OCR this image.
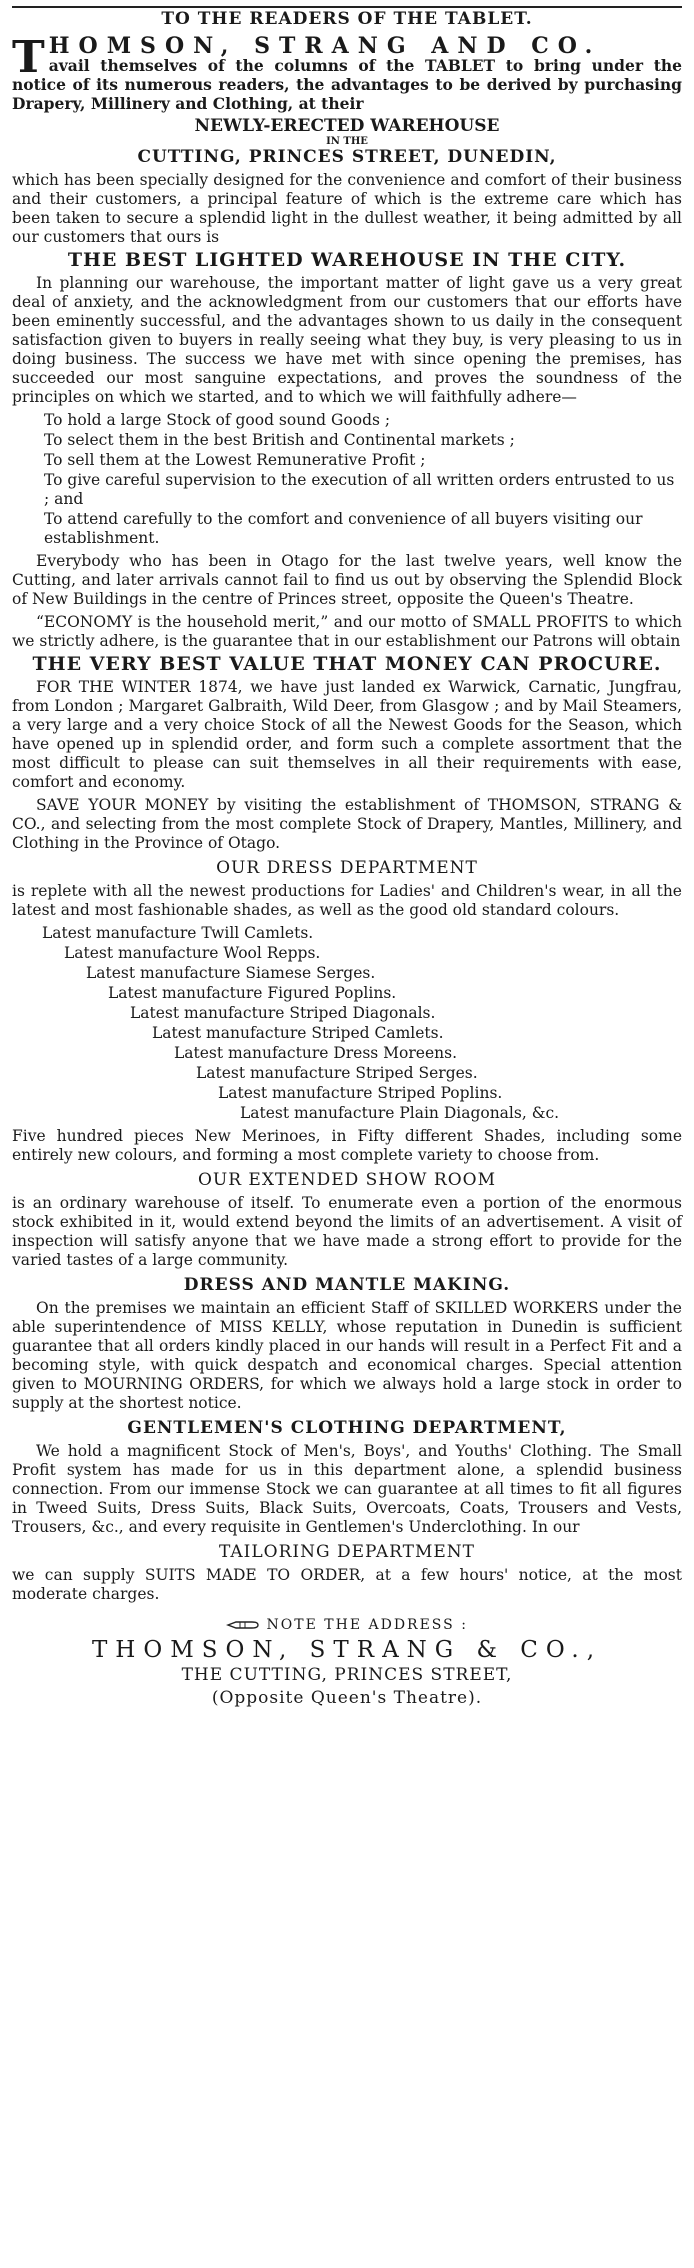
TO THE READERS OF THE TABLET.
T HOMSON, STRANG AND CO.
avail themselves of the columns of the TABLET to bring under the notice of its numerous readers, the advantages to be derived by purchasing Drapery, Millinery and Clothing, at their
NEWLY-ERECTED WAREHOUSE
IN THE
CUTTING, PRINCES STREET, DUNEDIN,

which has been specially designed for the convenience and comfort of their business and their customers, a principal feature of which is the extreme care which has been taken to secure a splendid light in the dullest weather, it being admitted by all our customers that ours is

THE BEST LIGHTED WAREHOUSE IN THE CITY.

In planning our warehouse, the important matter of light gave us a very great deal of anxiety, and the acknowledgment from our customers that our efforts have been eminently successful, and the advantages shown to us daily in the consequent satisfaction given to buyers in really seeing what they buy, is very pleasing to us in doing business. The success we have met with since opening the premises, has succeeded our most sanguine expectations, and proves the soundness of the principles on which we started, and to which we will faithfully adhere—

To hold a large Stock of good sound Goods ;
To select them in the best British and Continental markets ;
To sell them at the Lowest Remunerative Profit ;
To give careful supervision to the execution of all written orders entrusted to us ; and
To attend carefully to the comfort and convenience of all buyers visiting our establishment.

Everybody who has been in Otago for the last twelve years, well know the Cutting, and later arrivals cannot fail to find us out by observing the Splendid Block of New Buildings in the centre of Princes street, opposite the Queen's Theatre.

“ECONOMY is the household merit,” and our motto of SMALL PROFITS to which we strictly adhere, is the guarantee that in our establishment our Patrons will obtain

THE VERY BEST VALUE THAT MONEY CAN PROCURE.

FOR THE WINTER 1874, we have just landed ex Warwick, Carnatic, Jungfrau, from London ; Margaret Galbraith, Wild Deer, from Glasgow ; and by Mail Steamers, a very large and a very choice Stock of all the Newest Goods for the Season, which have opened up in splendid order, and form such a complete assortment that the most difficult to please can suit themselves in all their requirements with ease, comfort and economy.

SAVE YOUR MONEY by visiting the establishment of THOMSON, STRANG & CO., and selecting from the most complete Stock of Drapery, Mantles, Millinery, and Clothing in the Province of Otago.

OUR DRESS DEPARTMENT

is replete with all the newest productions for Ladies' and Children's wear, in all the latest and most fashionable shades, as well as the good old standard colours.

Latest manufacture Twill Camlets.
Latest manufacture Wool Repps.
Latest manufacture Siamese Serges.
Latest manufacture Figured Poplins.
Latest manufacture Striped Diagonals.
Latest manufacture Striped Camlets.
Latest manufacture Dress Moreens.
Latest manufacture Striped Serges.
Latest manufacture Striped Poplins.
Latest manufacture Plain Diagonals, &c.

Five hundred pieces New Merinoes, in Fifty different Shades, including some entirely new colours, and forming a most complete variety to choose from.

OUR EXTENDED SHOW ROOM

is an ordinary warehouse of itself. To enumerate even a portion of the enormous stock exhibited in it, would extend beyond the limits of an advertisement. A visit of inspection will satisfy anyone that we have made a strong effort to provide for the varied tastes of a large community.

DRESS AND MANTLE MAKING.

On the premises we maintain an efficient Staff of SKILLED WORKERS under the able superintendence of MISS KELLY, whose reputation in Dunedin is sufficient guarantee that all orders kindly placed in our hands will result in a Perfect Fit and a becoming style, with quick despatch and economical charges. Special attention given to MOURNING ORDERS, for which we always hold a large stock in order to supply at the shortest notice.

GENTLEMEN'S CLOTHING DEPARTMENT,

We hold a magnificent Stock of Men's, Boys', and Youths' Clothing. The Small Profit system has made for us in this department alone, a splendid business connection. From our immense Stock we can guarantee at all times to fit all figures in Tweed Suits, Dress Suits, Black Suits, Overcoats, Coats, Trousers and Vests, Trousers, &c., and every requisite in Gentlemen's Underclothing. In our

TAILORING DEPARTMENT

we can supply SUITS MADE TO ORDER, at a few hours' notice, at the most moderate charges.

NOTE THE ADDRESS :
THOMSON, STRANG & CO.,
THE CUTTING, PRINCES STREET,
(Opposite Queen's Theatre).
